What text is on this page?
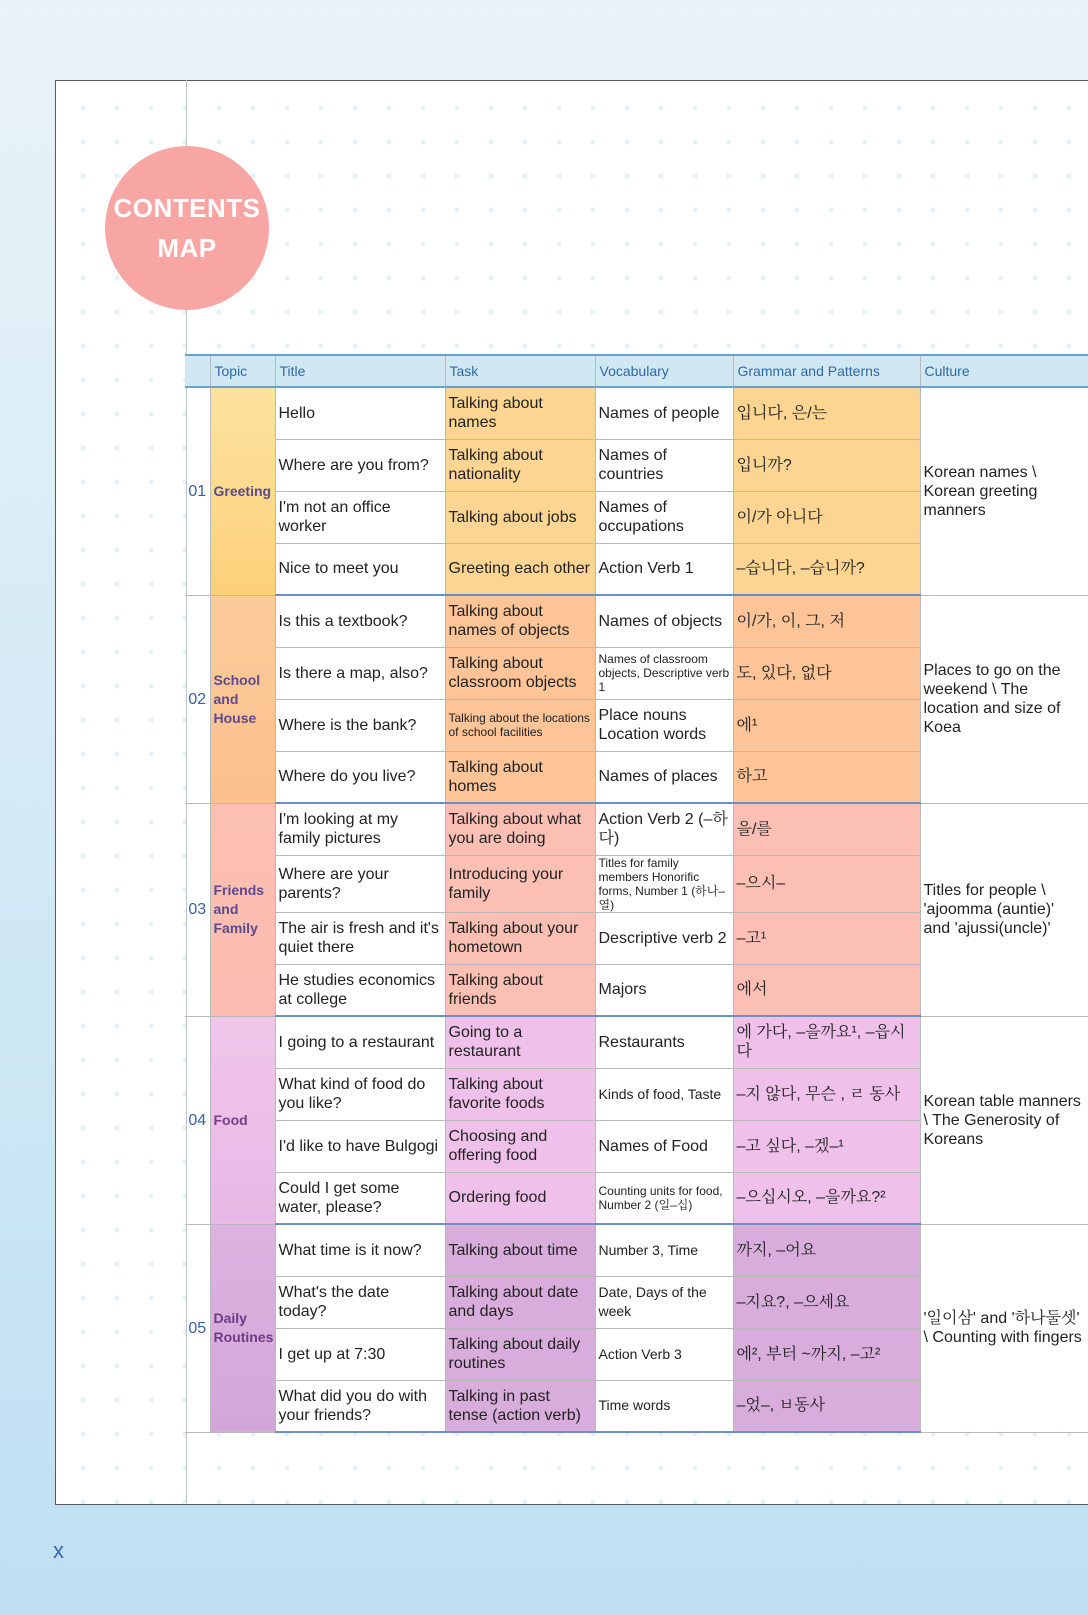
CONTENTS
MAP
	Topic	Title	Task	Vocabulary	Grammar and Patterns	Culture
01	Greeting	Hello	Talking about names	Names of people	입니다, 은/는	Korean names \ Korean greeting manners
		Where are you from?	Talking about nationality	Names of countries	입니까?	
		I'm not an office worker	Talking about jobs	Names of occupations	이/가 아니다	
		Nice to meet you	Greeting each other	Action Verb 1	–습니다, –습니까?	
02	School and House	Is this a textbook?	Talking about names of objects	Names of objects	이/가, 이, 그, 저	Places to go on the weekend \ The location and size of Koea
		Is there a map, also?	Talking about classroom objects	Names of classroom objects, Descriptive verb 1	도, 있다, 없다	
		Where is the bank?	Talking about the locations of school facilities	Place nouns Location words	에¹	
		Where do you live?	Talking about homes	Names of places	하고	
03	Friends and Family	I'm looking at my family pictures	Talking about what you are doing	Action Verb 2 (–하다)	을/를	Titles for people \ 'ajoomma (auntie)' and 'ajussi(uncle)'
		Where are your parents?	Introducing your family	Titles for family members Honorific forms, Number 1 (하나–열)	–으시–	
		The air is fresh and it's quiet there	Talking about your hometown	Descriptive verb 2	–고¹	
		He studies economics at college	Talking about friends	Majors	에서	
04	Food	I going to a restaurant	Going to a restaurant	Restaurants	에 가다, –을까요¹, –읍시다	Korean table manners \ The Generosity of Koreans
		What kind of food do you like?	Talking about favorite foods	Kinds of food, Taste	–지 않다, 무슨 , ㄹ 동사	
		I'd like to have Bulgogi	Choosing and offering food	Names of Food	–고 싶다, –겠–¹	
		Could I get some water, please?	Ordering food	Counting units for food, Number 2 (일–십)	–으십시오, –을까요?²	
05	Daily Routines	What time is it now?	Talking about time	Number 3, Time	까지, –어요	'일이삼' and '하나둘셋' \ Counting with fingers
		What's the date today?	Talking about date and days	Date, Days of the week	–지요?, –으세요	
		I get up at 7:30	Talking about daily routines	Action Verb 3	에², 부터 ~까지, –고²	
		What did you do with your friends?	Talking in past tense (action verb)	Time words	–었–, ㅂ동사	
x
